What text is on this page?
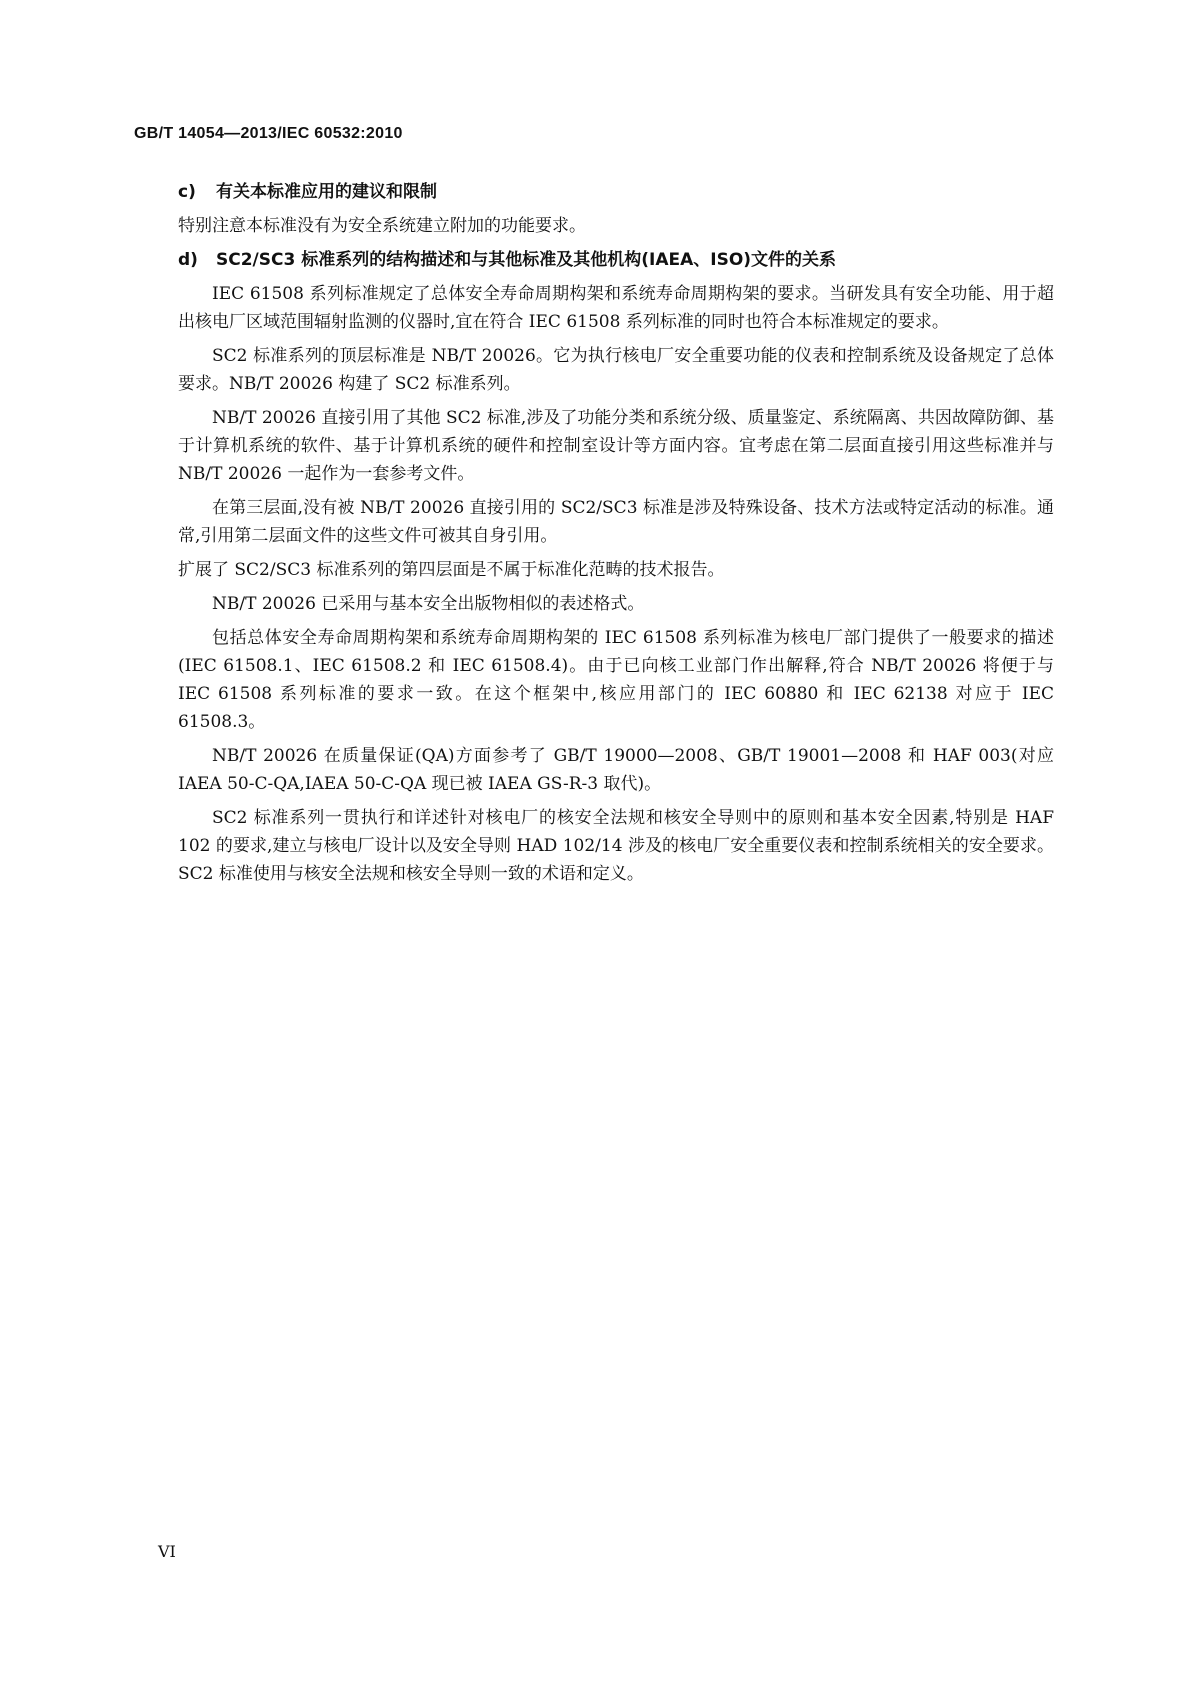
GB/T 14054—2013/IEC 60532:2010

c) 有关本标准应用的建议和限制

特别注意本标准没有为安全系统建立附加的功能要求。

d) SC2/SC3 标准系列的结构描述和与其他标准及其他机构(IAEA、ISO)文件的关系

IEC 61508 系列标准规定了总体安全寿命周期构架和系统寿命周期构架的要求。当研发具有安全功能、用于超出核电厂区域范围辐射监测的仪器时,宜在符合 IEC 61508 系列标准的同时也符合本标准规定的要求。

SC2 标准系列的顶层标准是 NB/T 20026。它为执行核电厂安全重要功能的仪表和控制系统及设备规定了总体要求。NB/T 20026 构建了 SC2 标准系列。

NB/T 20026 直接引用了其他 SC2 标准,涉及了功能分类和系统分级、质量鉴定、系统隔离、共因故障防御、基于计算机系统的软件、基于计算机系统的硬件和控制室设计等方面内容。宜考虑在第二层面直接引用这些标准并与 NB/T 20026 一起作为一套参考文件。

在第三层面,没有被 NB/T 20026 直接引用的 SC2/SC3 标准是涉及特殊设备、技术方法或特定活动的标准。通常,引用第二层面文件的这些文件可被其自身引用。

扩展了 SC2/SC3 标准系列的第四层面是不属于标准化范畴的技术报告。

NB/T 20026 已采用与基本安全出版物相似的表述格式。

包括总体安全寿命周期构架和系统寿命周期构架的 IEC 61508 系列标准为核电厂部门提供了一般要求的描述(IEC 61508.1、IEC 61508.2 和 IEC 61508.4)。由于已向核工业部门作出解释,符合 NB/T 20026 将便于与 IEC 61508 系列标准的要求一致。在这个框架中,核应用部门的 IEC 60880 和 IEC 62138 对应于 IEC 61508.3。

NB/T 20026 在质量保证(QA)方面参考了 GB/T 19000—2008、GB/T 19001—2008 和 HAF 003(对应 IAEA 50-C-QA,IAEA 50-C-QA 现已被 IAEA GS-R-3 取代)。

SC2 标准系列一贯执行和详述针对核电厂的核安全法规和核安全导则中的原则和基本安全因素,特别是 HAF 102 的要求,建立与核电厂设计以及安全导则 HAD 102/14 涉及的核电厂安全重要仪表和控制系统相关的安全要求。SC2 标准使用与核安全法规和核安全导则一致的术语和定义。

VI
